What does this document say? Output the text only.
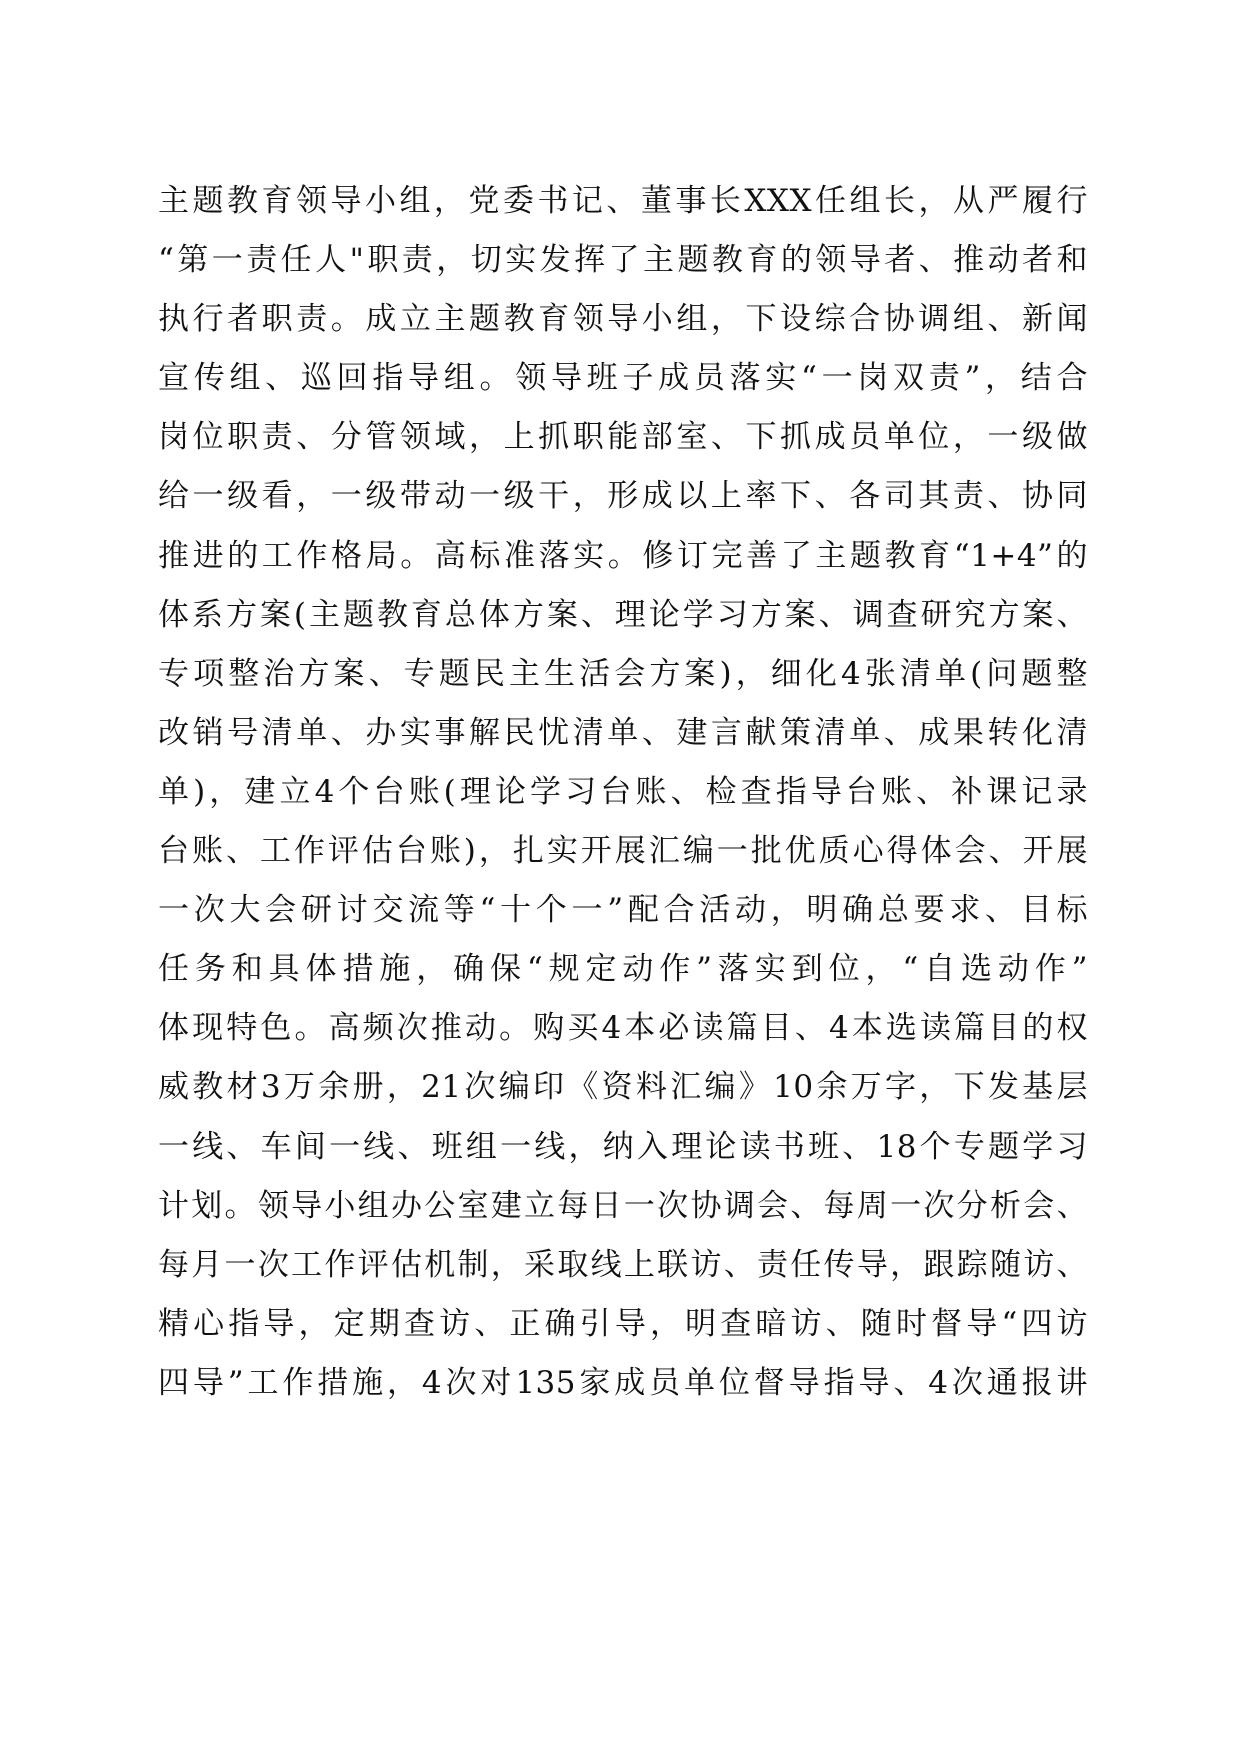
主题教育领导小组，党委书记、董事长XXX任组长，从严履行
“第一责任人"职责，切实发挥了主题教育的领导者、推动者和
执行者职责。成立主题教育领导小组，下设综合协调组、新闻
宣传组、巡回指导组。领导班子成员落实“一岗双责”，结合
岗位职责、分管领域，上抓职能部室、下抓成员单位，一级做
给一级看，一级带动一级干，形成以上率下、各司其责、协同
推进的工作格局。高标准落实。修订完善了主题教育“1+4”的
体系方案(主题教育总体方案、理论学习方案、调查研究方案、
专项整治方案、专题民主生活会方案)，细化4张清单(问题整
改销号清单、办实事解民忧清单、建言献策清单、成果转化清
单)，建立4个台账(理论学习台账、检查指导台账、补课记录
台账、工作评估台账)，扎实开展汇编一批优质心得体会、开展
一次大会研讨交流等“十个一”配合活动，明确总要求、目标
任务和具体措施，确保“规定动作”落实到位，“自选动作”
体现特色。高频次推动。购买4本必读篇目、4本选读篇目的权
威教材3万余册，21次编印《资料汇编》10余万字，下发基层
一线、车间一线、班组一线，纳入理论读书班、18个专题学习
计划。领导小组办公室建立每日一次协调会、每周一次分析会、
每月一次工作评估机制，采取线上联访、责任传导，跟踪随访、
精心指导，定期查访、正确引导，明查暗访、随时督导“四访
四导”工作措施，4次对135家成员单位督导指导、4次通报讲
